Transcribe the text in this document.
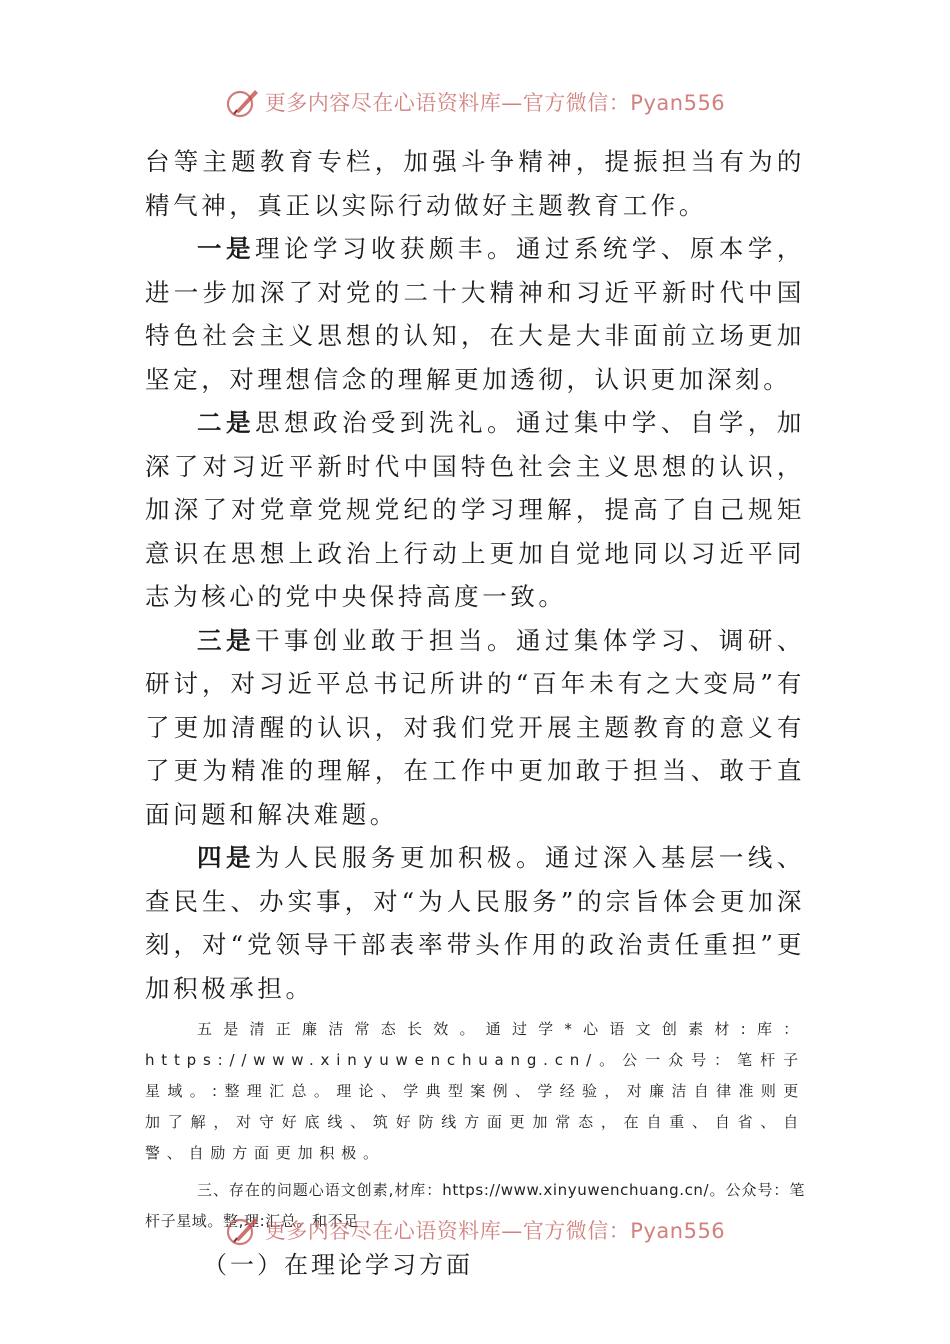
更多内容尽在心语资料库—官方微信：Pyan556

台等主题教育专栏，加强斗争精神，提振担当有为的精气神，真正以实际行动做好主题教育工作。

一是理论学习收获颇丰。通过系统学、原本学，进一步加深了对党的二十大精神和习近平新时代中国特色社会主义思想的认知，在大是大非面前立场更加坚定，对理想信念的理解更加透彻，认识更加深刻。

二是思想政治受到洗礼。通过集中学、自学，加深了对习近平新时代中国特色社会主义思想的认识，加深了对党章党规党纪的学习理解，提高了自己规矩意识在思想上政治上行动上更加自觉地同以习近平同志为核心的党中央保持高度一致。

三是干事创业敢于担当。通过集体学习、调研、研讨，对习近平总书记所讲的“百年未有之大变局”有了更加清醒的认识，对我们党开展主题教育的意义有了更为精准的理解，在工作中更加敢于担当、敢于直面问题和解决难题。

四是为人民服务更加积极。通过深入基层一线、查民生、办实事，对“为人民服务”的宗旨体会更加深刻，对“党领导干部表率带头作用的政治责任重担”更加积极承担。

五是清正廉洁常态长效。通过学*心语文创素材:库：https://www.xinyuwenchuang.cn/。公一众号：笔杆子星域。:整理汇总。理论、学典型案例、学经验，对廉洁自律准则更加了解，对守好底线、筑好防线方面更加常态，在自重、自省、自警、自励方面更加积极。

三、存在的问题心语文创素,材库：https://www.xinyuwenchuang.cn/。公众号：笔杆子星域。整,理:汇总。和不足

（一）在理论学习方面

更多内容尽在心语资料库—官方微信：Pyan556
